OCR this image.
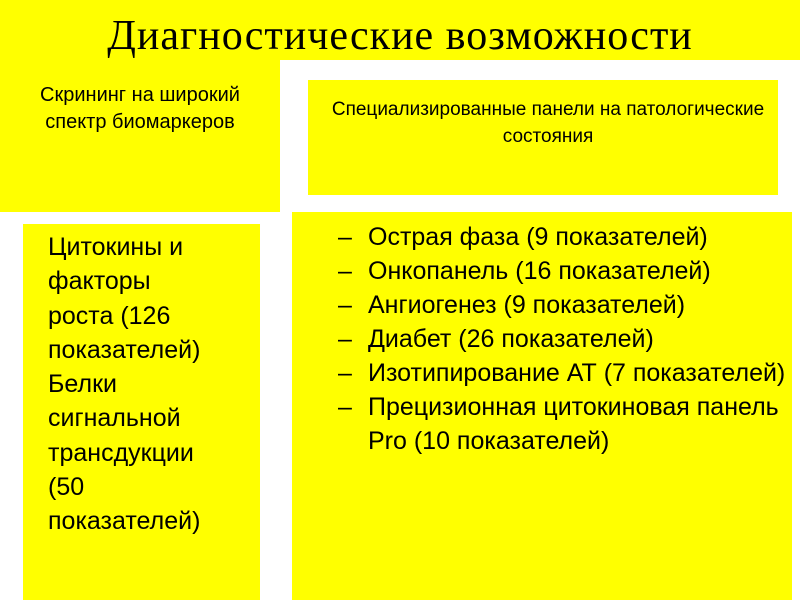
Диагностические возможности
Скрининг на широкий спектр биомаркеров
Специализированные панели на патологические состояния
Цитокины и
факторы
роста (126
показателей)
Белки
сигнальной
трансдукции
(50
показателей)
– Острая фаза (9 показателей)
– Онкопанель (16 показателей)
– Ангиогенез (9 показателей)
– Диабет (26 показателей)
– Изотипирование АТ (7 показателей)
– Прецизионная цитокиновая панель Pro (10 показателей)
